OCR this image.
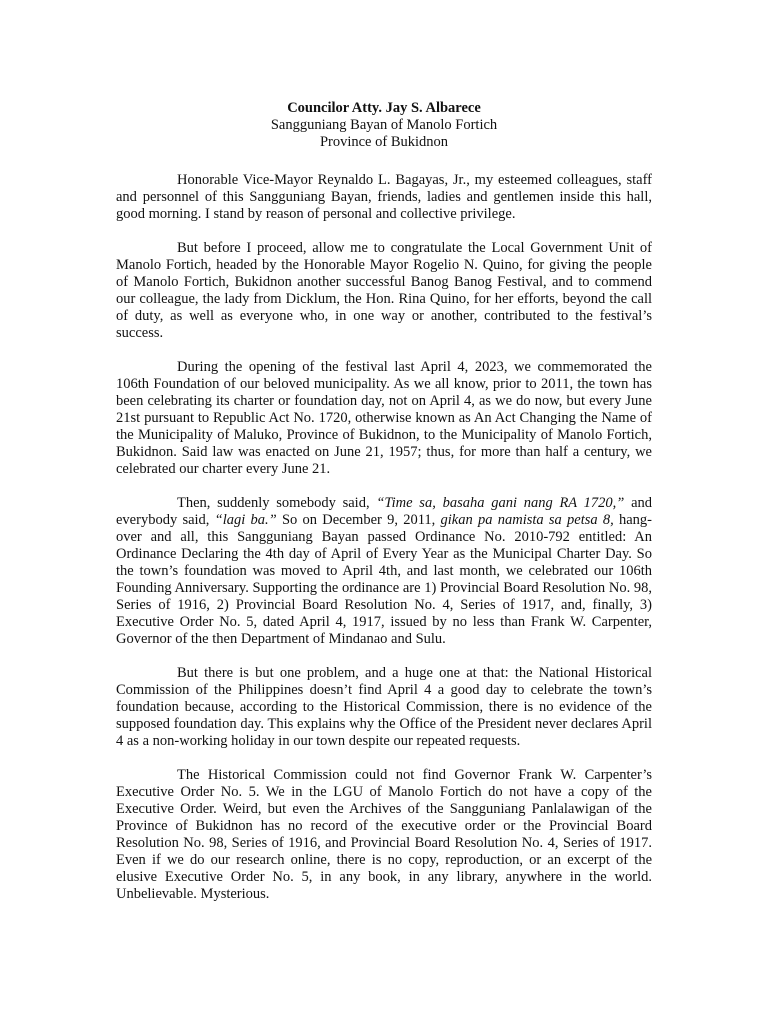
Councilor Atty. Jay S. Albarece
Sangguniang Bayan of Manolo Fortich
Province of Bukidnon

Honorable Vice-Mayor Reynaldo L. Bagayas, Jr., my esteemed colleagues, staff and personnel of this Sangguniang Bayan, friends, ladies and gentlemen inside this hall, good morning. I stand by reason of personal and collective privilege.

But before I proceed, allow me to congratulate the Local Government Unit of Manolo Fortich, headed by the Honorable Mayor Rogelio N. Quino, for giving the people of Manolo Fortich, Bukidnon another successful Banog Banog Festival, and to commend our colleague, the lady from Dicklum, the Hon. Rina Quino, for her efforts, beyond the call of duty, as well as everyone who, in one way or another, contributed to the festival’s success.

During the opening of the festival last April 4, 2023, we commemorated the 106th Foundation of our beloved municipality. As we all know, prior to 2011, the town has been celebrating its charter or foundation day, not on April 4, as we do now, but every June 21st pursuant to Republic Act No. 1720, otherwise known as An Act Changing the Name of the Municipality of Maluko, Province of Bukidnon, to the Municipality of Manolo Fortich, Bukidnon. Said law was enacted on June 21, 1957; thus, for more than half a century, we celebrated our charter every June 21.

Then, suddenly somebody said, “Time sa, basaha gani nang RA 1720,” and everybody said, “lagi ba.” So on December 9, 2011, gikan pa namista sa petsa 8, hang-over and all, this Sangguniang Bayan passed Ordinance No. 2010-792 entitled: An Ordinance Declaring the 4th day of April of Every Year as the Municipal Charter Day. So the town’s foundation was moved to April 4th, and last month, we celebrated our 106th Founding Anniversary. Supporting the ordinance are 1) Provincial Board Resolution No. 98, Series of 1916, 2) Provincial Board Resolution No. 4, Series of 1917, and, finally, 3) Executive Order No. 5, dated April 4, 1917, issued by no less than Frank W. Carpenter, Governor of the then Department of Mindanao and Sulu.

But there is but one problem, and a huge one at that: the National Historical Commission of the Philippines doesn’t find April 4 a good day to celebrate the town’s foundation because, according to the Historical Commission, there is no evidence of the supposed foundation day. This explains why the Office of the President never declares April 4 as a non-working holiday in our town despite our repeated requests.

The Historical Commission could not find Governor Frank W. Carpenter’s Executive Order No. 5. We in the LGU of Manolo Fortich do not have a copy of the Executive Order. Weird, but even the Archives of the Sangguniang Panlalawigan of the Province of Bukidnon has no record of the executive order or the Provincial Board Resolution No. 98, Series of 1916, and Provincial Board Resolution No. 4, Series of 1917. Even if we do our research online, there is no copy, reproduction, or an excerpt of the elusive Executive Order No. 5, in any book, in any library, anywhere in the world. Unbelievable. Mysterious.
